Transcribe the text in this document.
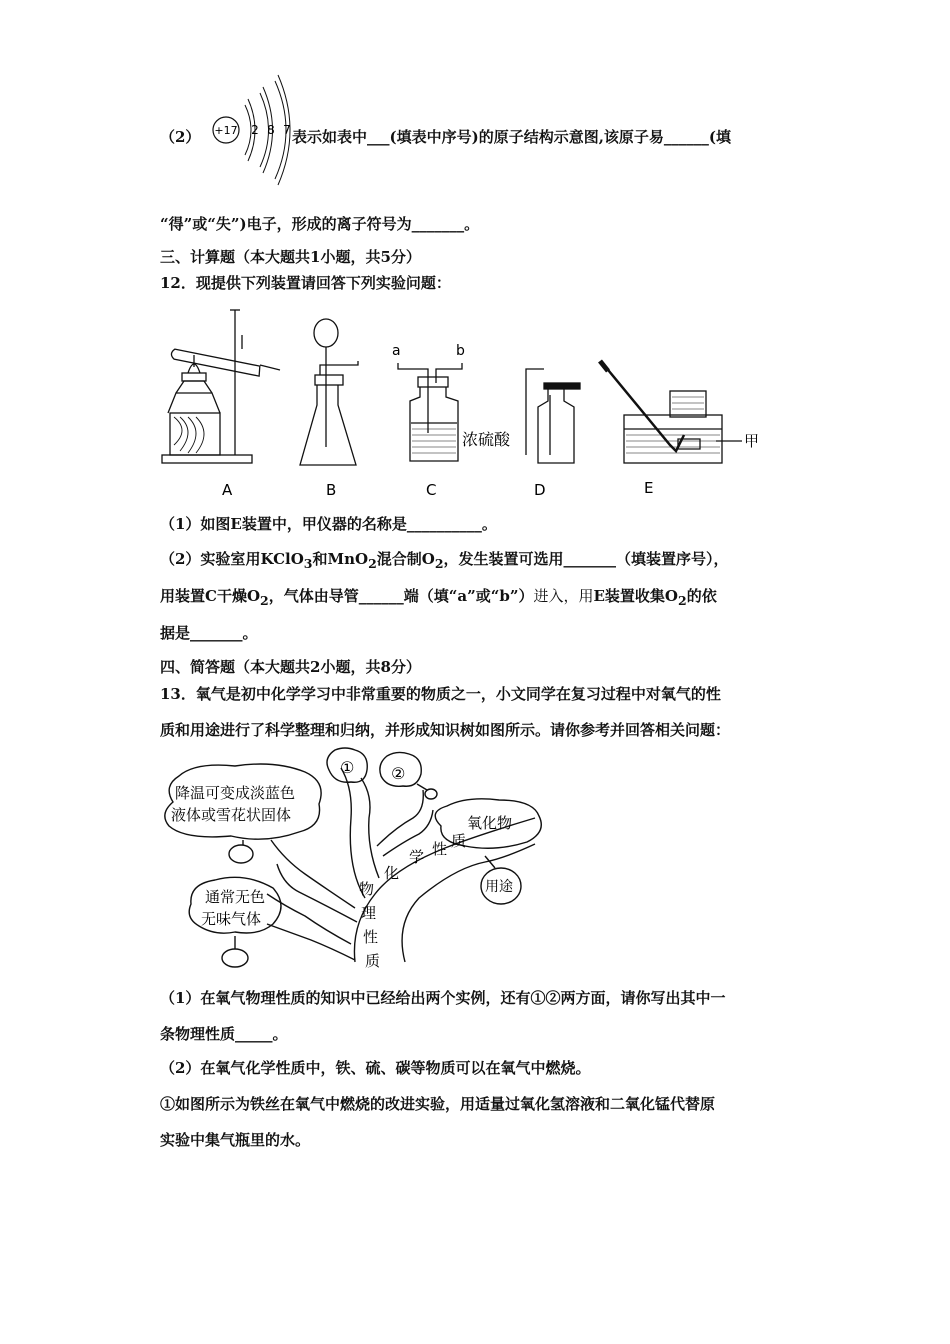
（2） +17 2 8 7 表示如表中___(填表中序号)的原子结构示意图,该原子易______(填
“得”或“失”)电子，形成的离子符号为_______。
三、计算题（本大题共1小题，共5分）
12．现提供下列装置请回答下列实验问题：
a	b
浓硫酸	甲
A	B	C	D	E
（1）如图E装置中，甲仪器的名称是__________。
（2）实验室用KClO$_3$和MnO$_2$混合制$O_2$，发生装置可选用_______（填装置序号），
用装置C干燥$O_2$，气体由导管______端（填“a”或“b”）进入，用E装置收集$O_2$的依
据是_______。
四、简答题（本大题共2小题，共8分）
13．氧气是初中化学学习中非常重要的物质之一，小文同学在复习过程中对氧气的性
质和用途进行了科学整理和归纳，并形成知识树如图所示。请你参考并回答相关问题：
① ②
降温可变成淡蓝色
液体或雪花状固体
通常无色
无味气体
氧化物
用途
化
学 性 质
物
理
性
质
（1）在氧气物理性质的知识中已经给出两个实例，还有①②两方面，请你写出其中一
条物理性质_____。
（2）在氧气化学性质中，铁、硫、碳等物质可以在氧气中燃烧。
①如图所示为铁丝在氧气中燃烧的改进实验，用适量过氧化氢溶液和二氧化锰代替原
实验中集气瓶里的水。
